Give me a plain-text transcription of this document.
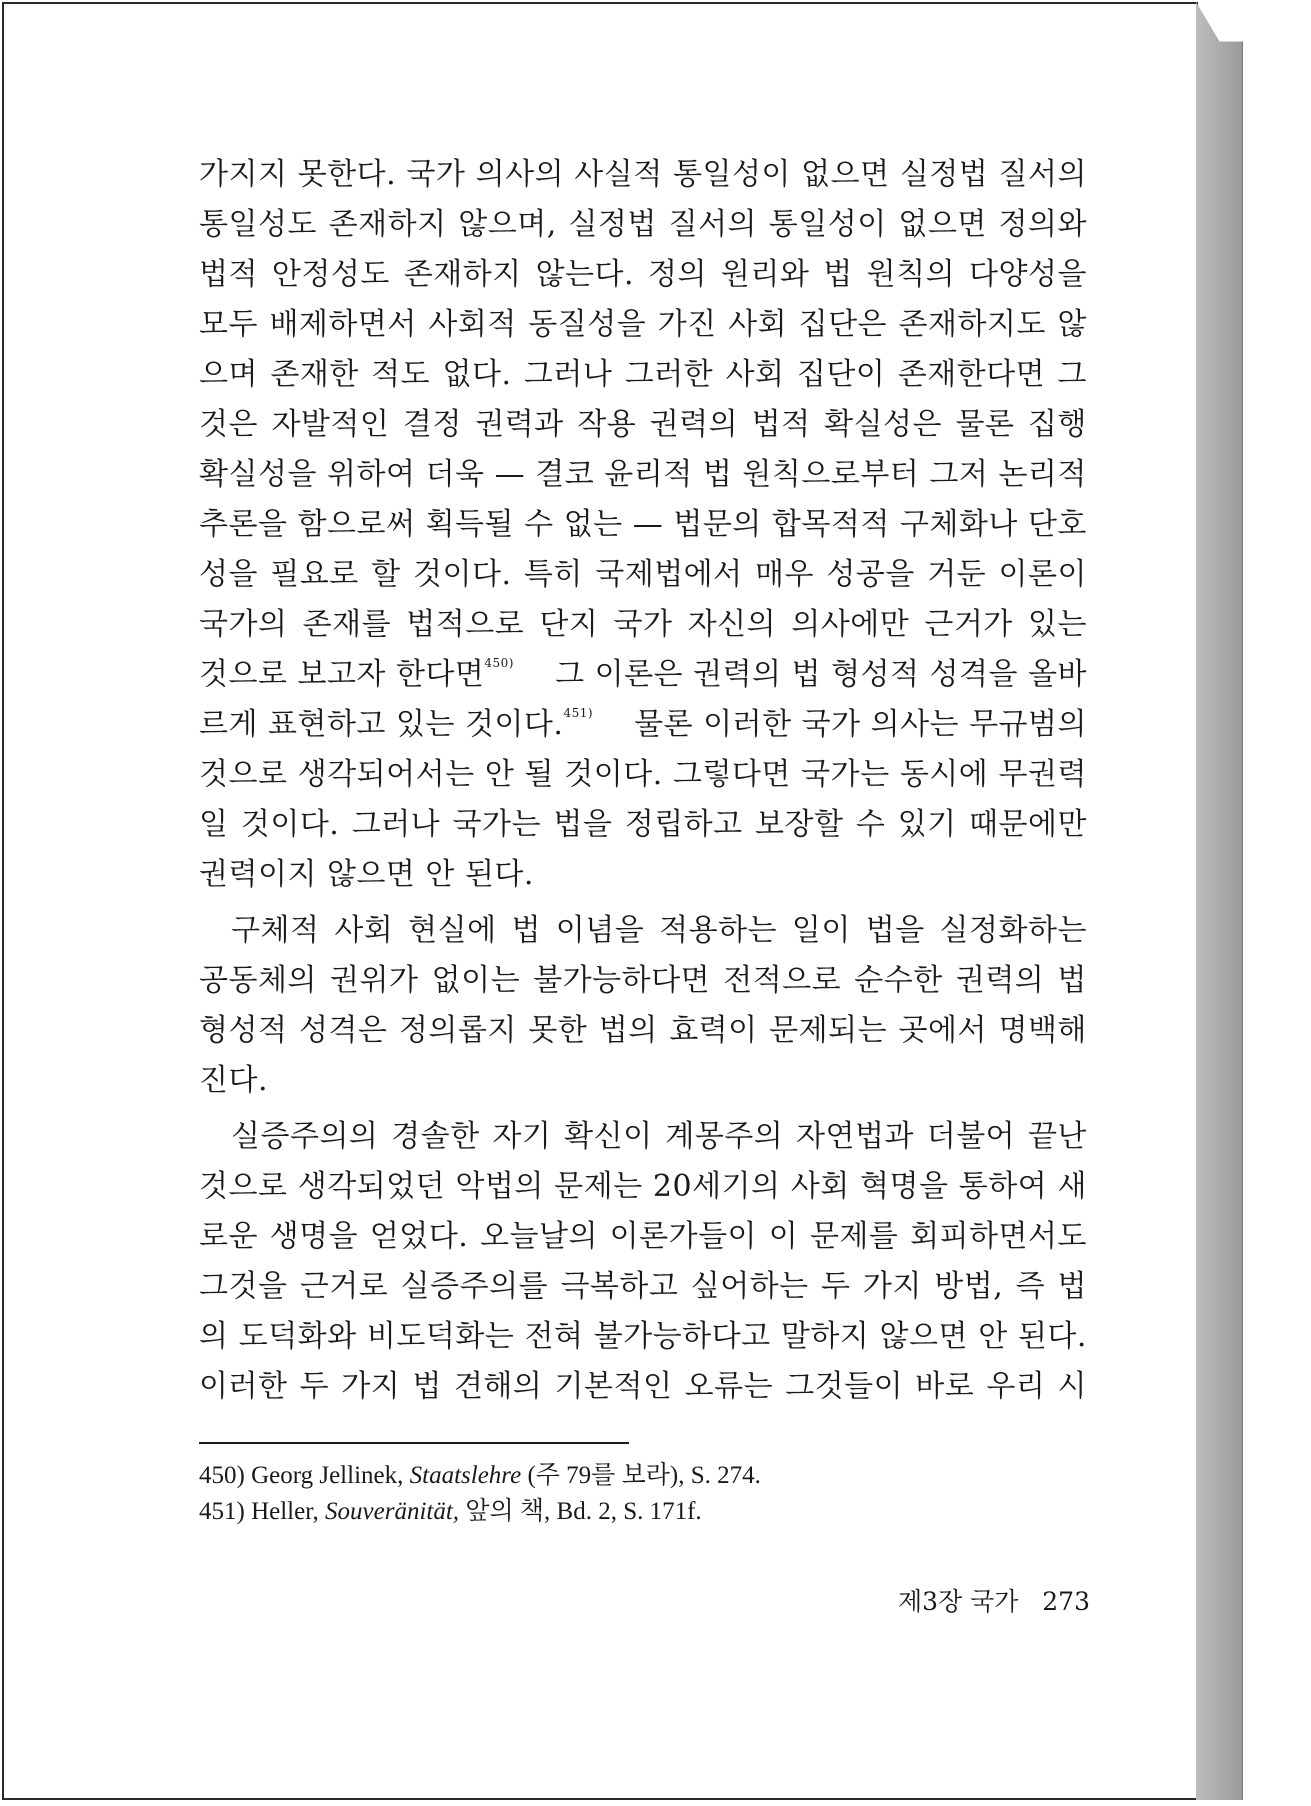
가지지 못한다. 국가 의사의 사실적 통일성이 없으면 실정법 질서의
통일성도 존재하지 않으며, 실정법 질서의 통일성이 없으면 정의와
법적 안정성도 존재하지 않는다. 정의 원리와 법 원칙의 다양성을
모두 배제하면서 사회적 동질성을 가진 사회 집단은 존재하지도 않
으며 존재한 적도 없다. 그러나 그러한 사회 집단이 존재한다면 그
것은 자발적인 결정 권력과 작용 권력의 법적 확실성은 물론 집행
확실성을 위하여 더욱 — 결코 윤리적 법 원칙으로부터 그저 논리적
추론을 함으로써 획득될 수 없는 — 법문의 합목적적 구체화나 단호
성을 필요로 할 것이다. 특히 국제법에서 매우 성공을 거둔 이론이
국가의 존재를 법적으로 단지 국가 자신의 의사에만 근거가 있는
것으로 보고자 한다면$^{450)}$ 그 이론은 권력의 법 형성적 성격을 올바
르게 표현하고 있는 것이다.$^{451)}$ 물론 이러한 국가 의사는 무규범의
것으로 생각되어서는 안 될 것이다. 그렇다면 국가는 동시에 무권력
일 것이다. 그러나 국가는 법을 정립하고 보장할 수 있기 때문에만
권력이지 않으면 안 된다.
구체적 사회 현실에 법 이념을 적용하는 일이 법을 실정화하는
공동체의 권위가 없이는 불가능하다면 전적으로 순수한 권력의 법
형성적 성격은 정의롭지 못한 법의 효력이 문제되는 곳에서 명백해
진다.
실증주의의 경솔한 자기 확신이 계몽주의 자연법과 더불어 끝난
것으로 생각되었던 악법의 문제는 20세기의 사회 혁명을 통하여 새
로운 생명을 얻었다. 오늘날의 이론가들이 이 문제를 회피하면서도
그것을 근거로 실증주의를 극복하고 싶어하는 두 가지 방법, 즉 법
의 도덕화와 비도덕화는 전혀 불가능하다고 말하지 않으면 안 된다.
이러한 두 가지 법 견해의 기본적인 오류는 그것들이 바로 우리 시
450) Georg Jellinek, Staatslehre (주 79를 보라), S. 274.
451) Heller, Souveränität, 앞의 책, Bd. 2, S. 171f.
제3장 국가 273
